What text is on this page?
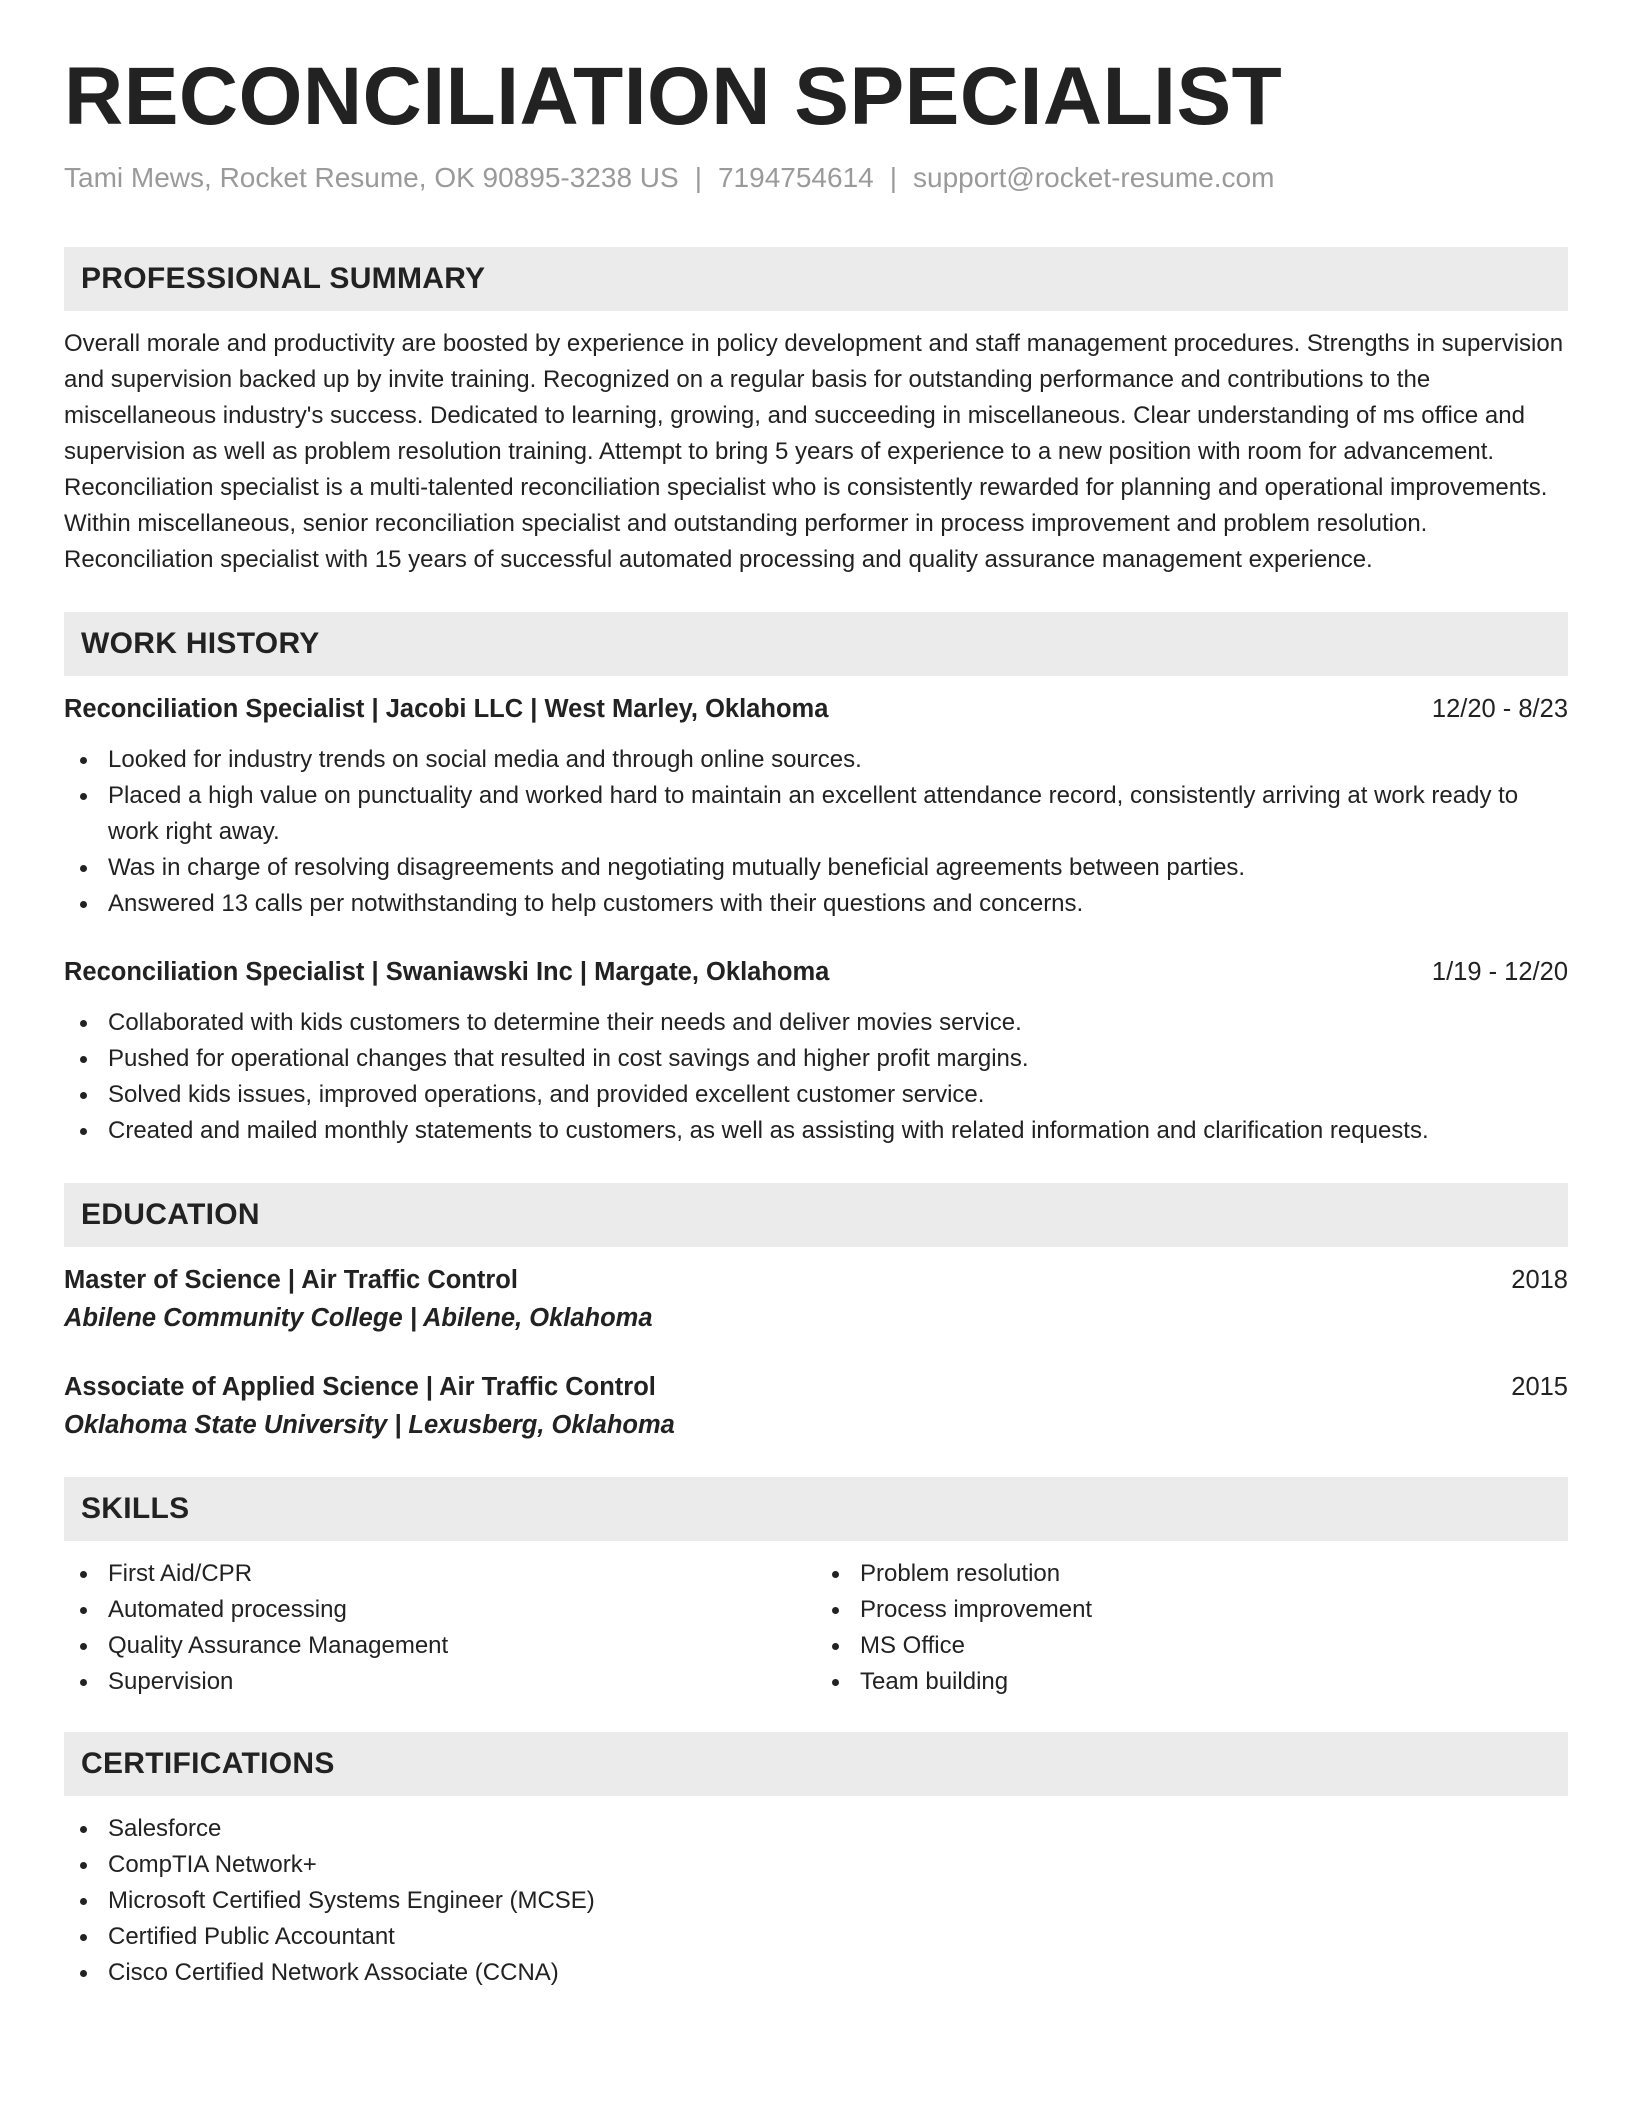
RECONCILIATION SPECIALIST
Tami Mews, Rocket Resume, OK 90895-3238 US | 7194754614 | support@rocket-resume.com
PROFESSIONAL SUMMARY

Overall morale and productivity are boosted by experience in policy development and staff management procedures. Strengths in supervision and supervision backed up by invite training. Recognized on a regular basis for outstanding performance and contributions to the miscellaneous industry's success. Dedicated to learning, growing, and succeeding in miscellaneous. Clear understanding of ms office and supervision as well as problem resolution training. Attempt to bring 5 years of experience to a new position with room for advancement. Reconciliation specialist is a multi-talented reconciliation specialist who is consistently rewarded for planning and operational improvements. Within miscellaneous, senior reconciliation specialist and outstanding performer in process improvement and problem resolution. Reconciliation specialist with 15 years of successful automated processing and quality assurance management experience.

WORK HISTORY
Reconciliation Specialist | Jacobi LLC | West Marley, Oklahoma	12/20 - 8/23
Looked for industry trends on social media and through online sources.
Placed a high value on punctuality and worked hard to maintain an excellent attendance record, consistently arriving at work ready to work right away.
Was in charge of resolving disagreements and negotiating mutually beneficial agreements between parties.
Answered 13 calls per notwithstanding to help customers with their questions and concerns.
Reconciliation Specialist | Swaniawski Inc | Margate, Oklahoma	1/19 - 12/20
Collaborated with kids customers to determine their needs and deliver movies service.
Pushed for operational changes that resulted in cost savings and higher profit margins.
Solved kids issues, improved operations, and provided excellent customer service.
Created and mailed monthly statements to customers, as well as assisting with related information and clarification requests.
EDUCATION
Master of Science | Air Traffic Control	2018
Abilene Community College | Abilene, Oklahoma
Associate of Applied Science | Air Traffic Control	2015
Oklahoma State University | Lexusberg, Oklahoma
SKILLS
First Aid/CPR
Automated processing
Quality Assurance Management
Supervision
Problem resolution
Process improvement
MS Office
Team building
CERTIFICATIONS
Salesforce
CompTIA Network+
Microsoft Certified Systems Engineer (MCSE)
Certified Public Accountant
Cisco Certified Network Associate (CCNA)
